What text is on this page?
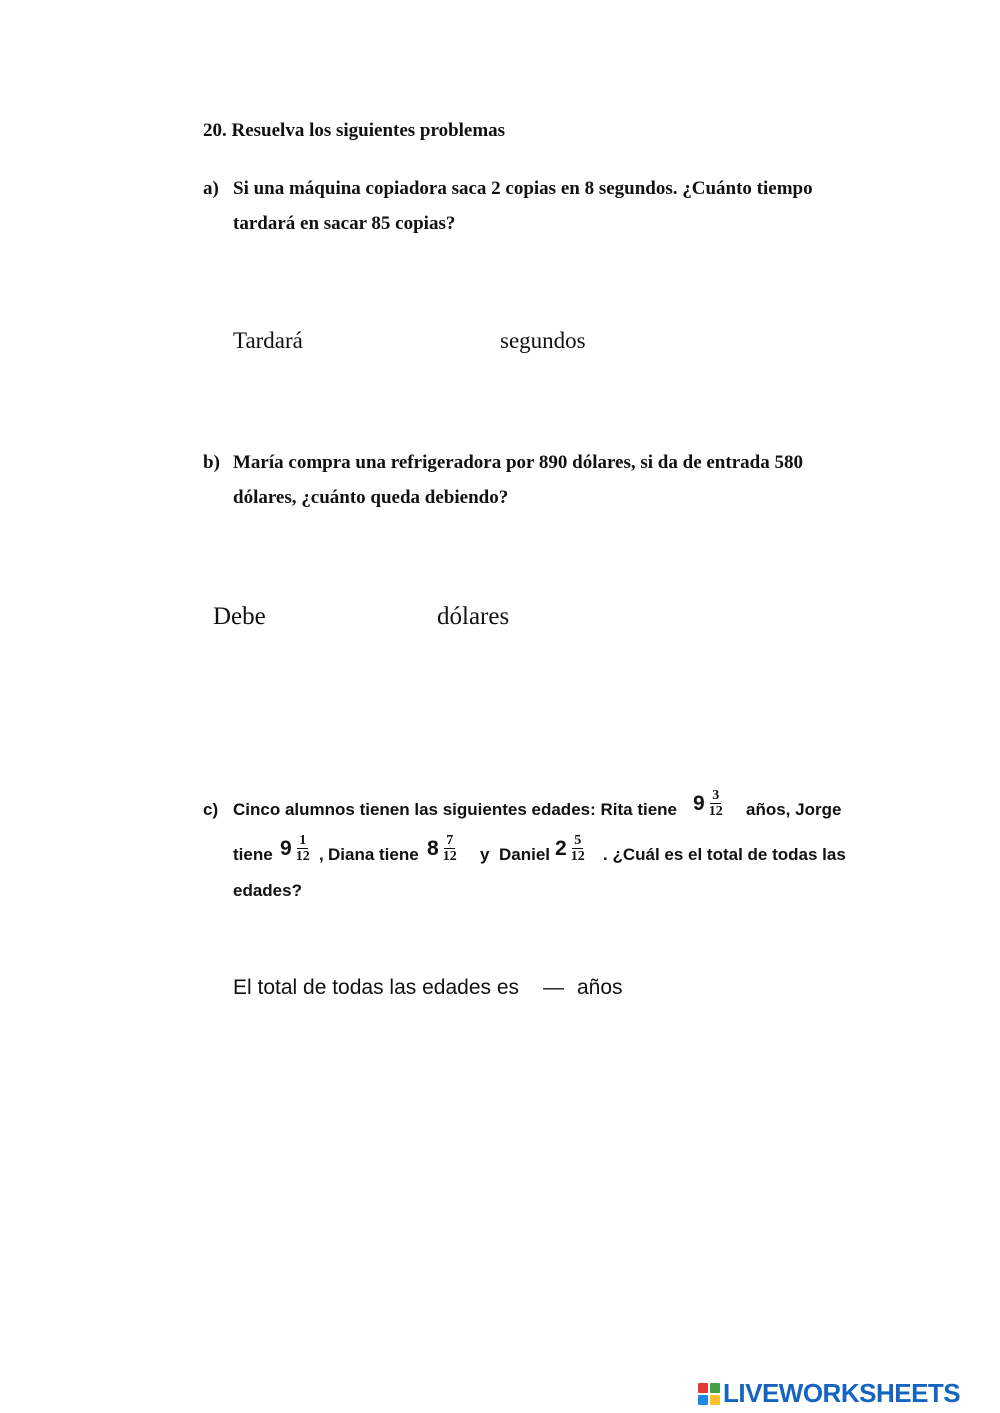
20. Resuelva los siguientes problemas
a) Si una máquina copiadora saca 2 copias en 8 segundos. ¿Cuánto tiempo
tardará en sacar 85 copias?
Tardará	segundos
b) María compra una refrigeradora por 890 dólares, si da de entrada 580
dólares, ¿cuánto queda debiendo?
Debe	dólares
c) Cinco alumnos tienen las siguientes edades: Rita tiene $9 \frac{3}{12}$ años, Jorge
tiene $9 \frac{1}{12}$ , Diana tiene $8 \frac{7}{12}$ y Daniel $2 \frac{5}{12}$ . ¿Cuál es el total de todas las
edades?
El total de todas las edades es — años
LIVEWORKSHEETS
